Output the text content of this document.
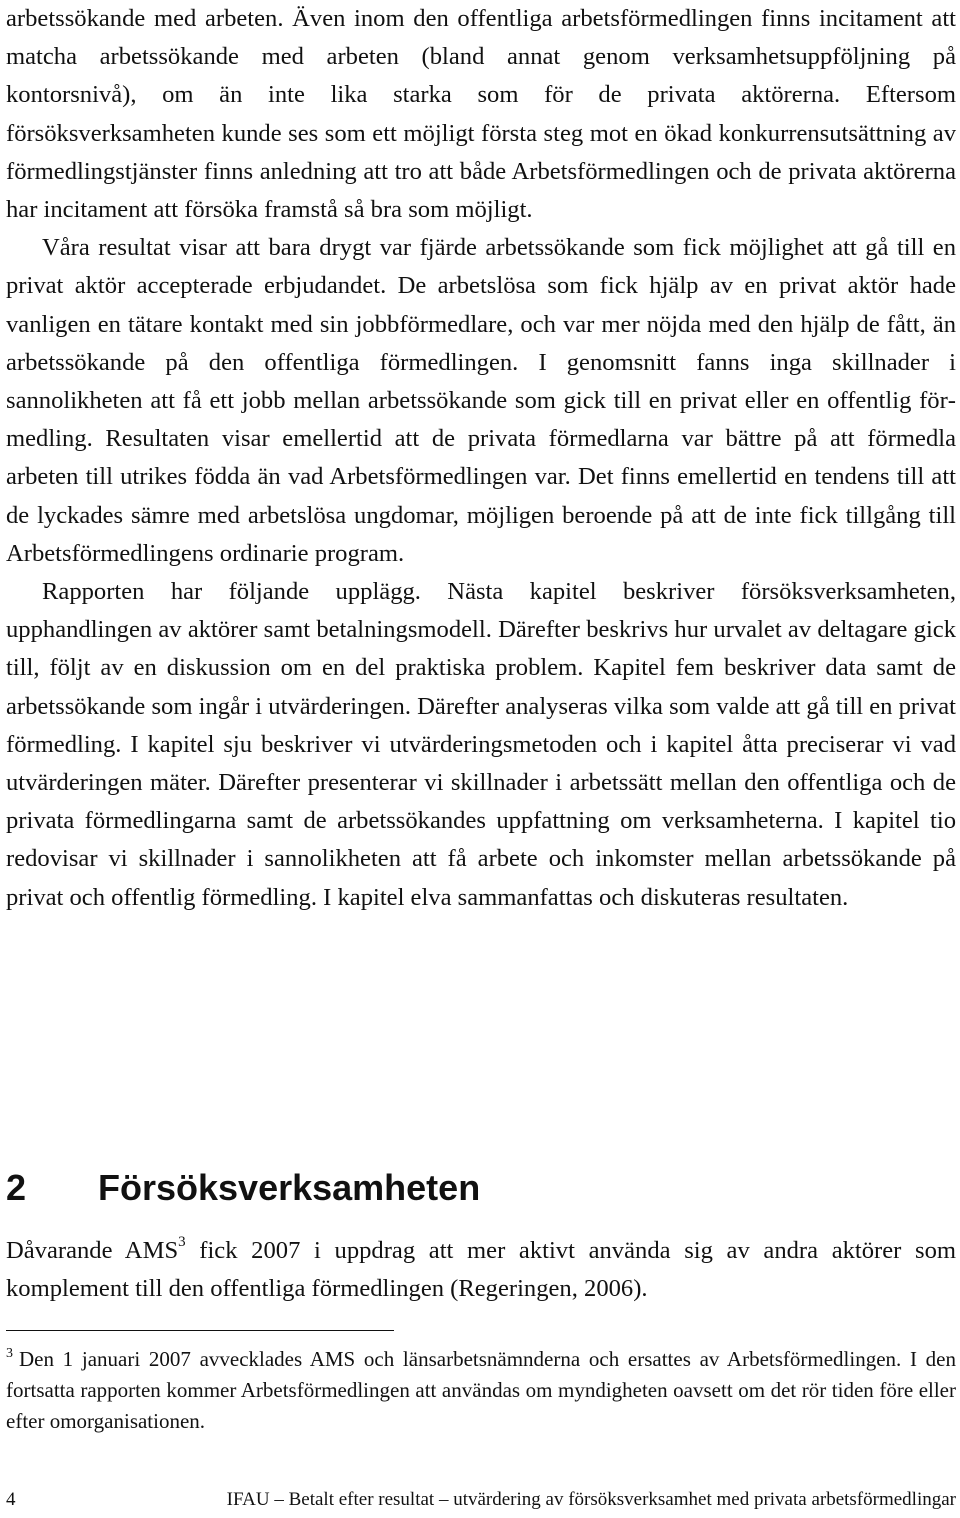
arbetssökande med arbeten. Även inom den offentliga arbetsförmedlingen finns incitament att matcha arbetssökande med arbeten (bland annat genom verksamhetsuppföljning på kontorsnivå), om än inte lika starka som för de privata aktörerna. Eftersom försöksverksamheten kunde ses som ett möjligt första steg mot en ökad konkurrensutsättning av förmedlingstjänster finns anledning att tro att både Arbetsförmedlingen och de privata aktörerna har incitament att försöka framstå så bra som möjligt.

Våra resultat visar att bara drygt var fjärde arbetssökande som fick möjlighet att gå till en privat aktör accepterade erbjudandet. De arbetslösa som fick hjälp av en privat aktör hade vanligen en tätare kontakt med sin jobbförmedlare, och var mer nöjda med den hjälp de fått, än arbetssökande på den offentliga förmedlingen. I genomsnitt fanns inga skillnader i sannolikheten att få ett jobb mellan arbetssökande som gick till en privat eller en offentlig förmedling. Resultaten visar emellertid att de privata förmedlarna var bättre på att förmedla arbeten till utrikes födda än vad Arbetsförmedlingen var. Det finns emellertid en tendens till att de lyckades sämre med arbetslösa ungdomar, möjligen beroende på att de inte fick tillgång till Arbetsförmedlingens ordinarie program.

Rapporten har följande upplägg. Nästa kapitel beskriver försöksverksamheten, upphandlingen av aktörer samt betalningsmodell. Därefter beskrivs hur urvalet av deltagare gick till, följt av en diskussion om en del praktiska problem. Kapitel fem beskriver data samt de arbetssökande som ingår i utvärderingen. Därefter analyseras vilka som valde att gå till en privat förmedling. I kapitel sju beskriver vi utvärderingsmetoden och i kapitel åtta preciserar vi vad utvärderingen mäter. Därefter presenterar vi skillnader i arbetssätt mellan den offentliga och de privata förmedlingarna samt de arbetssökandes uppfattning om verksamheterna. I kapitel tio redovisar vi skillnader i sannolikheten att få arbete och inkomster mellan arbetssökande på privat och offentlig förmedling. I kapitel elva sammanfattas och diskuteras resultaten.

2 Försöksverksamheten
Dåvarande AMS$^3$ fick 2007 i uppdrag att mer aktivt använda sig av andra aktörer som komplement till den offentliga förmedlingen (Regeringen, 2006).

$^3$ Den 1 januari 2007 avvecklades AMS och länsarbetsnämnderna och ersattes av Arbetsförmedlingen. I den fortsatta rapporten kommer Arbetsförmedlingen att användas om myndigheten oavsett om det rör tiden före eller efter omorganisationen.

4	IFAU – Betalt efter resultat – utvärdering av försöksverksamhet med privata arbetsförmedlingar
